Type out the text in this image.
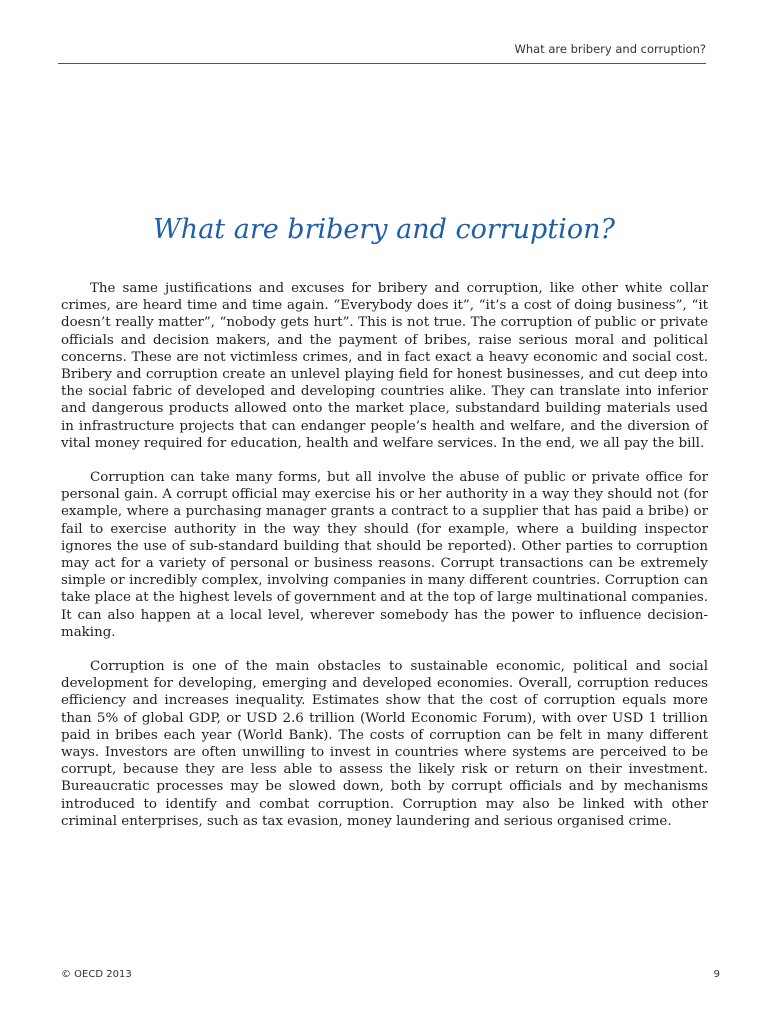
What are bribery and corruption?
What are bribery and corruption?

The same justifications and excuses for bribery and corruption, like other white collar crimes, are heard time and time again. “Everybody does it”, “it’s a cost of doing business”, “it doesn’t really matter”, “nobody gets hurt”. This is not true. The corruption of public or private officials and decision makers, and the payment of bribes, raise serious moral and political concerns. These are not victimless crimes, and in fact exact a heavy economic and social cost. Bribery and corruption create an unlevel playing field for honest businesses, and cut deep into the social fabric of developed and developing countries alike. They can translate into inferior and dangerous products allowed onto the market place, substandard building materials used in infrastructure projects that can endanger people’s health and welfare, and the diversion of vital money required for education, health and welfare services. In the end, we all pay the bill.

Corruption can take many forms, but all involve the abuse of public or private office for personal gain. A corrupt official may exercise his or her authority in a way they should not (for example, where a purchasing manager grants a contract to a supplier that has paid a bribe) or fail to exercise authority in the way they should (for example, where a building inspector ignores the use of sub-standard building that should be reported). Other parties to corruption may act for a variety of personal or business reasons. Corrupt transactions can be extremely simple or incredibly complex, involving companies in many different countries. Corruption can take place at the highest levels of government and at the top of large multinational companies. It can also happen at a local level, wherever somebody has the power to influence decision-making.

Corruption is one of the main obstacles to sustainable economic, political and social development for developing, emerging and developed economies. Overall, corruption reduces efficiency and increases inequality. Estimates show that the cost of corruption equals more than 5% of global GDP, or USD 2.6 trillion (World Economic Forum), with over USD 1 trillion paid in bribes each year (World Bank). The costs of corruption can be felt in many different ways. Investors are often unwilling to invest in countries where systems are perceived to be corrupt, because they are less able to assess the likely risk or return on their investment. Bureaucratic processes may be slowed down, both by corrupt officials and by mechanisms introduced to identify and combat corruption. Corruption may also be linked with other criminal enterprises, such as tax evasion, money laundering and serious organised crime.

© OECD 2013	9
